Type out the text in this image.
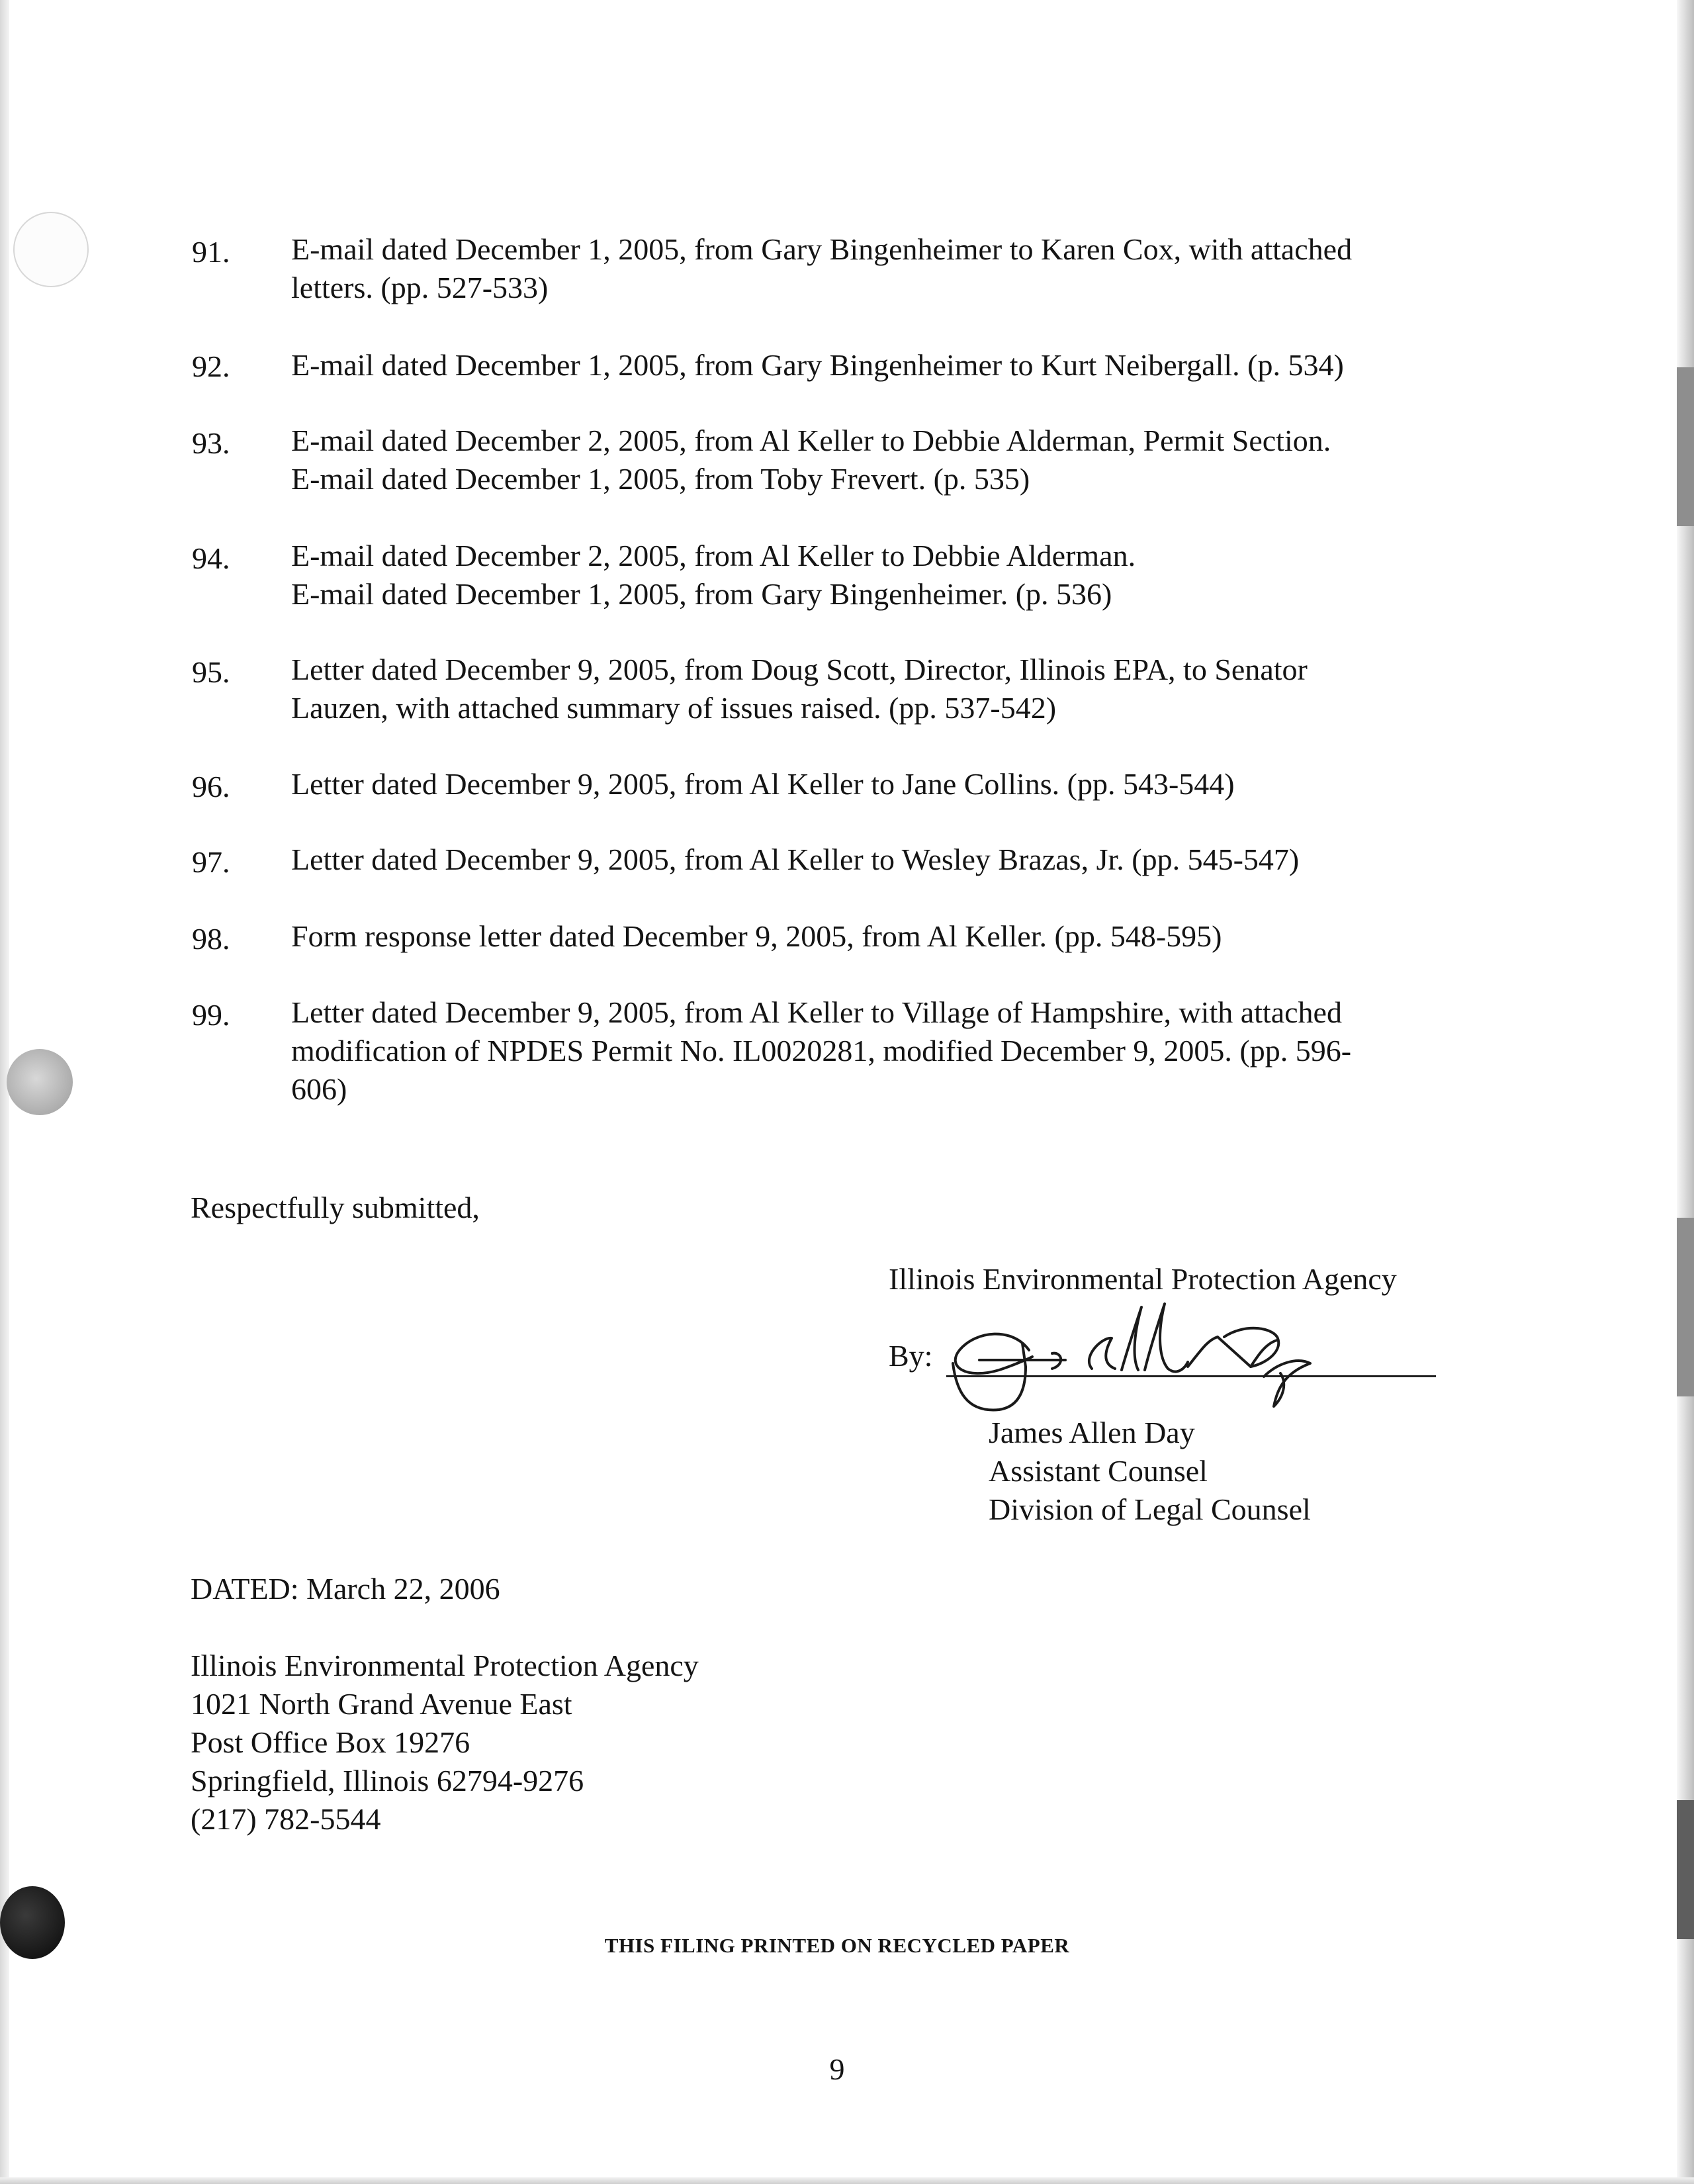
91. E-mail dated December 1, 2005, from Gary Bingenheimer to Karen Cox, with attached
letters. (pp. 527-533)
92. E-mail dated December 1, 2005, from Gary Bingenheimer to Kurt Neibergall. (p. 534)
93. E-mail dated December 2, 2005, from Al Keller to Debbie Alderman, Permit Section.
E-mail dated December 1, 2005, from Toby Frevert. (p. 535)
94. E-mail dated December 2, 2005, from Al Keller to Debbie Alderman.
E-mail dated December 1, 2005, from Gary Bingenheimer. (p. 536)
95. Letter dated December 9, 2005, from Doug Scott, Director, Illinois EPA, to Senator
Lauzen, with attached summary of issues raised. (pp. 537-542)
96. Letter dated December 9, 2005, from Al Keller to Jane Collins. (pp. 543-544)
97. Letter dated December 9, 2005, from Al Keller to Wesley Brazas, Jr. (pp. 545-547)
98. Form response letter dated December 9, 2005, from Al Keller. (pp. 548-595)
99. Letter dated December 9, 2005, from Al Keller to Village of Hampshire, with attached
modification of NPDES Permit No. IL0020281, modified December 9, 2005. (pp. 596-
606)
Respectfully submitted,
Illinois Environmental Protection Agency
By:
James Allen Day
Assistant Counsel
Division of Legal Counsel
DATED: March 22, 2006
Illinois Environmental Protection Agency
1021 North Grand Avenue East
Post Office Box 19276
Springfield, Illinois 62794-9276
(217) 782-5544
THIS FILING PRINTED ON RECYCLED PAPER
9
